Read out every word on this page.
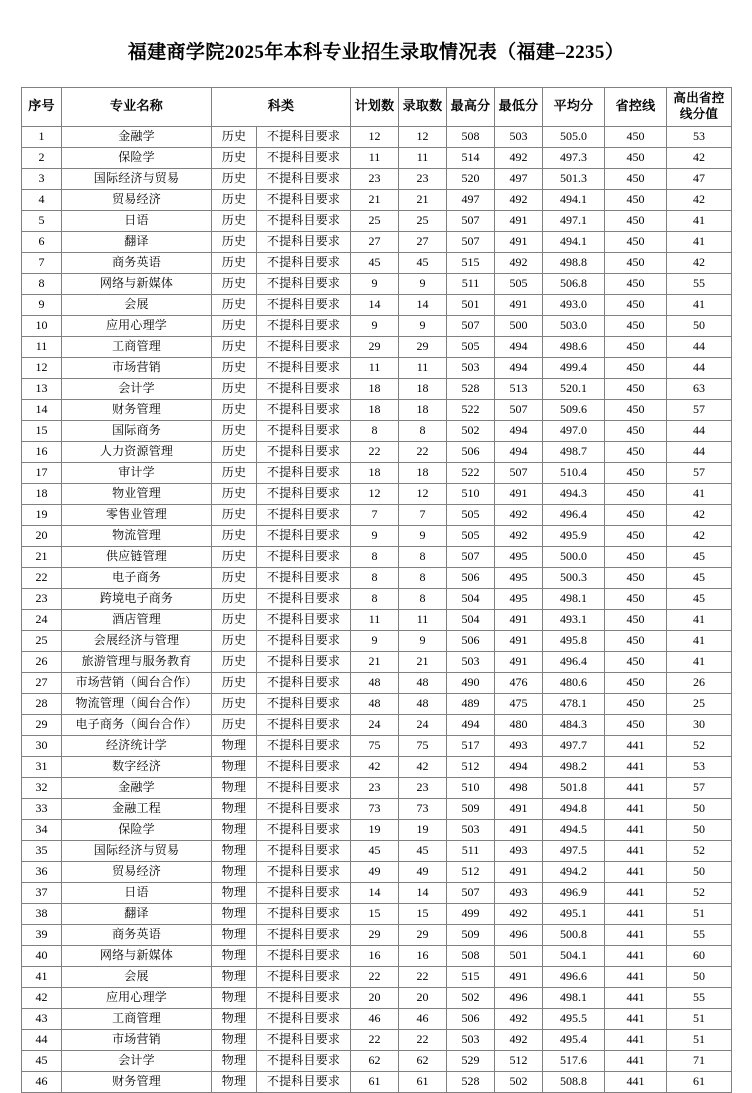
福建商学院2025年本科专业招生录取情况表（福建–2235）
序号	专业名称	科类		计划数	录取数	最高分	最低分	平均分	省控线	高出省控线分值
1	金融学	历史	不提科目要求	12	12	508	503	505.0	450	53
2	保险学	历史	不提科目要求	11	11	514	492	497.3	450	42
3	国际经济与贸易	历史	不提科目要求	23	23	520	497	501.3	450	47
4	贸易经济	历史	不提科目要求	21	21	497	492	494.1	450	42
5	日语	历史	不提科目要求	25	25	507	491	497.1	450	41
6	翻译	历史	不提科目要求	27	27	507	491	494.1	450	41
7	商务英语	历史	不提科目要求	45	45	515	492	498.8	450	42
8	网络与新媒体	历史	不提科目要求	9	9	511	505	506.8	450	55
9	会展	历史	不提科目要求	14	14	501	491	493.0	450	41
10	应用心理学	历史	不提科目要求	9	9	507	500	503.0	450	50
11	工商管理	历史	不提科目要求	29	29	505	494	498.6	450	44
12	市场营销	历史	不提科目要求	11	11	503	494	499.4	450	44
13	会计学	历史	不提科目要求	18	18	528	513	520.1	450	63
14	财务管理	历史	不提科目要求	18	18	522	507	509.6	450	57
15	国际商务	历史	不提科目要求	8	8	502	494	497.0	450	44
16	人力资源管理	历史	不提科目要求	22	22	506	494	498.7	450	44
17	审计学	历史	不提科目要求	18	18	522	507	510.4	450	57
18	物业管理	历史	不提科目要求	12	12	510	491	494.3	450	41
19	零售业管理	历史	不提科目要求	7	7	505	492	496.4	450	42
20	物流管理	历史	不提科目要求	9	9	505	492	495.9	450	42
21	供应链管理	历史	不提科目要求	8	8	507	495	500.0	450	45
22	电子商务	历史	不提科目要求	8	8	506	495	500.3	450	45
23	跨境电子商务	历史	不提科目要求	8	8	504	495	498.1	450	45
24	酒店管理	历史	不提科目要求	11	11	504	491	493.1	450	41
25	会展经济与管理	历史	不提科目要求	9	9	506	491	495.8	450	41
26	旅游管理与服务教育	历史	不提科目要求	21	21	503	491	496.4	450	41
27	市场营销（闽台合作）	历史	不提科目要求	48	48	490	476	480.6	450	26
28	物流管理（闽台合作）	历史	不提科目要求	48	48	489	475	478.1	450	25
29	电子商务（闽台合作）	历史	不提科目要求	24	24	494	480	484.3	450	30
30	经济统计学	物理	不提科目要求	75	75	517	493	497.7	441	52
31	数字经济	物理	不提科目要求	42	42	512	494	498.2	441	53
32	金融学	物理	不提科目要求	23	23	510	498	501.8	441	57
33	金融工程	物理	不提科目要求	73	73	509	491	494.8	441	50
34	保险学	物理	不提科目要求	19	19	503	491	494.5	441	50
35	国际经济与贸易	物理	不提科目要求	45	45	511	493	497.5	441	52
36	贸易经济	物理	不提科目要求	49	49	512	491	494.2	441	50
37	日语	物理	不提科目要求	14	14	507	493	496.9	441	52
38	翻译	物理	不提科目要求	15	15	499	492	495.1	441	51
39	商务英语	物理	不提科目要求	29	29	509	496	500.8	441	55
40	网络与新媒体	物理	不提科目要求	16	16	508	501	504.1	441	60
41	会展	物理	不提科目要求	22	22	515	491	496.6	441	50
42	应用心理学	物理	不提科目要求	20	20	502	496	498.1	441	55
43	工商管理	物理	不提科目要求	46	46	506	492	495.5	441	51
44	市场营销	物理	不提科目要求	22	22	503	492	495.4	441	51
45	会计学	物理	不提科目要求	62	62	529	512	517.6	441	71
46	财务管理	物理	不提科目要求	61	61	528	502	508.8	441	61
